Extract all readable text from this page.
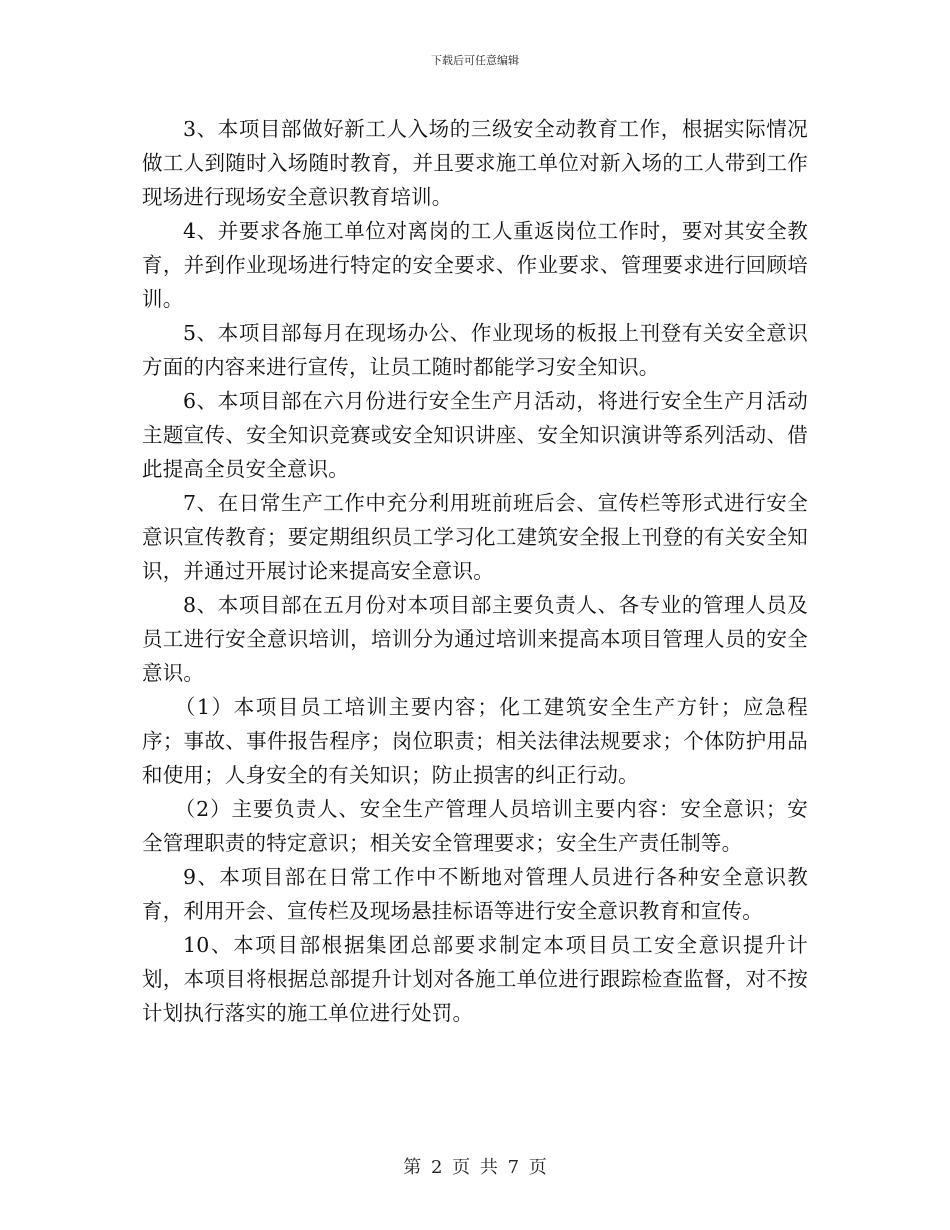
下载后可任意编辑

3、本项目部做好新工人入场的三级安全动教育工作，根据实际情况做工人到随时入场随时教育，并且要求施工单位对新入场的工人带到工作现场进行现场安全意识教育培训。

4、并要求各施工单位对离岗的工人重返岗位工作时，要对其安全教育，并到作业现场进行特定的安全要求、作业要求、管理要求进行回顾培训。

5、本项目部每月在现场办公、作业现场的板报上刊登有关安全意识方面的内容来进行宣传，让员工随时都能学习安全知识。

6、本项目部在六月份进行安全生产月活动，将进行安全生产月活动主题宣传、安全知识竞赛或安全知识讲座、安全知识演讲等系列活动、借此提高全员安全意识。

7、在日常生产工作中充分利用班前班后会、宣传栏等形式进行安全意识宣传教育；要定期组织员工学习化工建筑安全报上刊登的有关安全知识，并通过开展讨论来提高安全意识。

8、本项目部在五月份对本项目部主要负责人、各专业的管理人员及员工进行安全意识培训，培训分为通过培训来提高本项目管理人员的安全意识。

（1）本项目员工培训主要内容；化工建筑安全生产方针；应急程序；事故、事件报告程序；岗位职责；相关法律法规要求；个体防护用品和使用；人身安全的有关知识；防止损害的纠正行动。

（2）主要负责人、安全生产管理人员培训主要内容：安全意识；安全管理职责的特定意识；相关安全管理要求；安全生产责任制等。

9、本项目部在日常工作中不断地对管理人员进行各种安全意识教育，利用开会、宣传栏及现场悬挂标语等进行安全意识教育和宣传。

10、本项目部根据集团总部要求制定本项目员工安全意识提升计划，本项目将根据总部提升计划对各施工单位进行跟踪检查监督，对不按计划执行落实的施工单位进行处罚。

第 2 页 共 7 页
